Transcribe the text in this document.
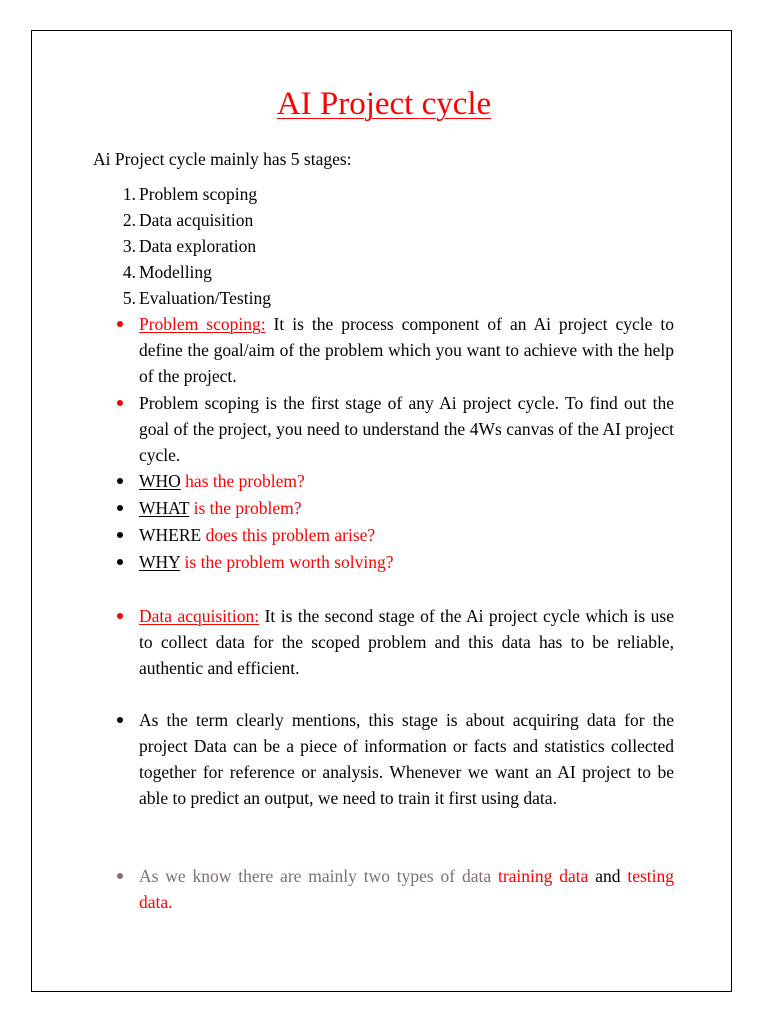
AI Project cycle
Ai Project cycle mainly has 5 stages:
1. Problem scoping
2. Data acquisition
3. Data exploration
4. Modelling
5. Evaluation/Testing
Problem scoping: It is the process component of an Ai project cycle to define the goal/aim of the problem which you want to achieve with the help of the project.
Problem scoping is the first stage of any Ai project cycle. To find out the goal of the project, you need to understand the 4Ws canvas of the AI project cycle.
WHO has the problem?
WHAT is the problem?
WHERE does this problem arise?
WHY is the problem worth solving?
Data acquisition: It is the second stage of the Ai project cycle which is use to collect data for the scoped problem and this data has to be reliable, authentic and efficient.
As the term clearly mentions, this stage is about acquiring data for the project Data can be a piece of information or facts and statistics collected together for reference or analysis. Whenever we want an AI project to be able to predict an output, we need to train it first using data.
As we know there are mainly two types of data training data and testing data.
